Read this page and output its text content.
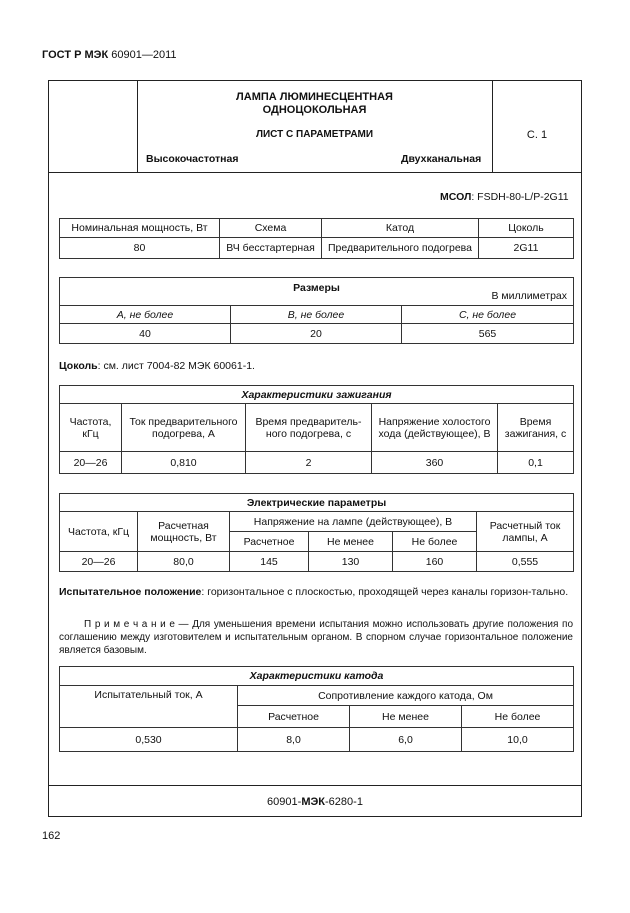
ГОСТ Р МЭК 60901—2011
ЛАМПА ЛЮМИНЕСЦЕНТНАЯ
ОДНОЦОКОЛЬНАЯ
ЛИСТ С ПАРАМЕТРАМИ
Высокочастотная	Двухканальная
С. 1
60901-МЭК-6280-1
МСОЛ: FSDH-80-L/P-2G11
Номинальная мощность, Вт	Схема	Катод	Цоколь
80	ВЧ бесстартерная	Предварительного подогрева	2G11
Размеры
В миллиметрах		

A, не более	B, не более	C, не более
40	20	565
Цоколь: см. лист 7004-82 МЭК 60061-1.
Характеристики зажигания				
Частота, кГц	Ток предварительного подогрева, А	Время предваритель-ного подогрева, с	Напряжение холостого хода (действующее), В	Время зажигания, с
20—26	0,810	2	360	0,1
Электрические параметры					
Частота, кГц	Расчетная мощность, Вт	Напряжение на лампе (действующее), В			Расчетный ток лампы, А
		Расчетное	Не менее	Не более	
20—26	80,0	145	130	160	0,555
Испытательное положение: горизонтальное с плоскостью, проходящей через каналы горизон-тально.
П р и м е ч а н и е — Для уменьшения времени испытания можно использовать другие положения по соглашению между изготовителем и испытательным органом. В спорном случае горизонтальное положение является базовым.
Характеристики катода			
Испытательный ток, А	Сопротивление каждого катода, Ом		
	Расчетное	Не менее	Не более
0,530	8,0	6,0	10,0
162
